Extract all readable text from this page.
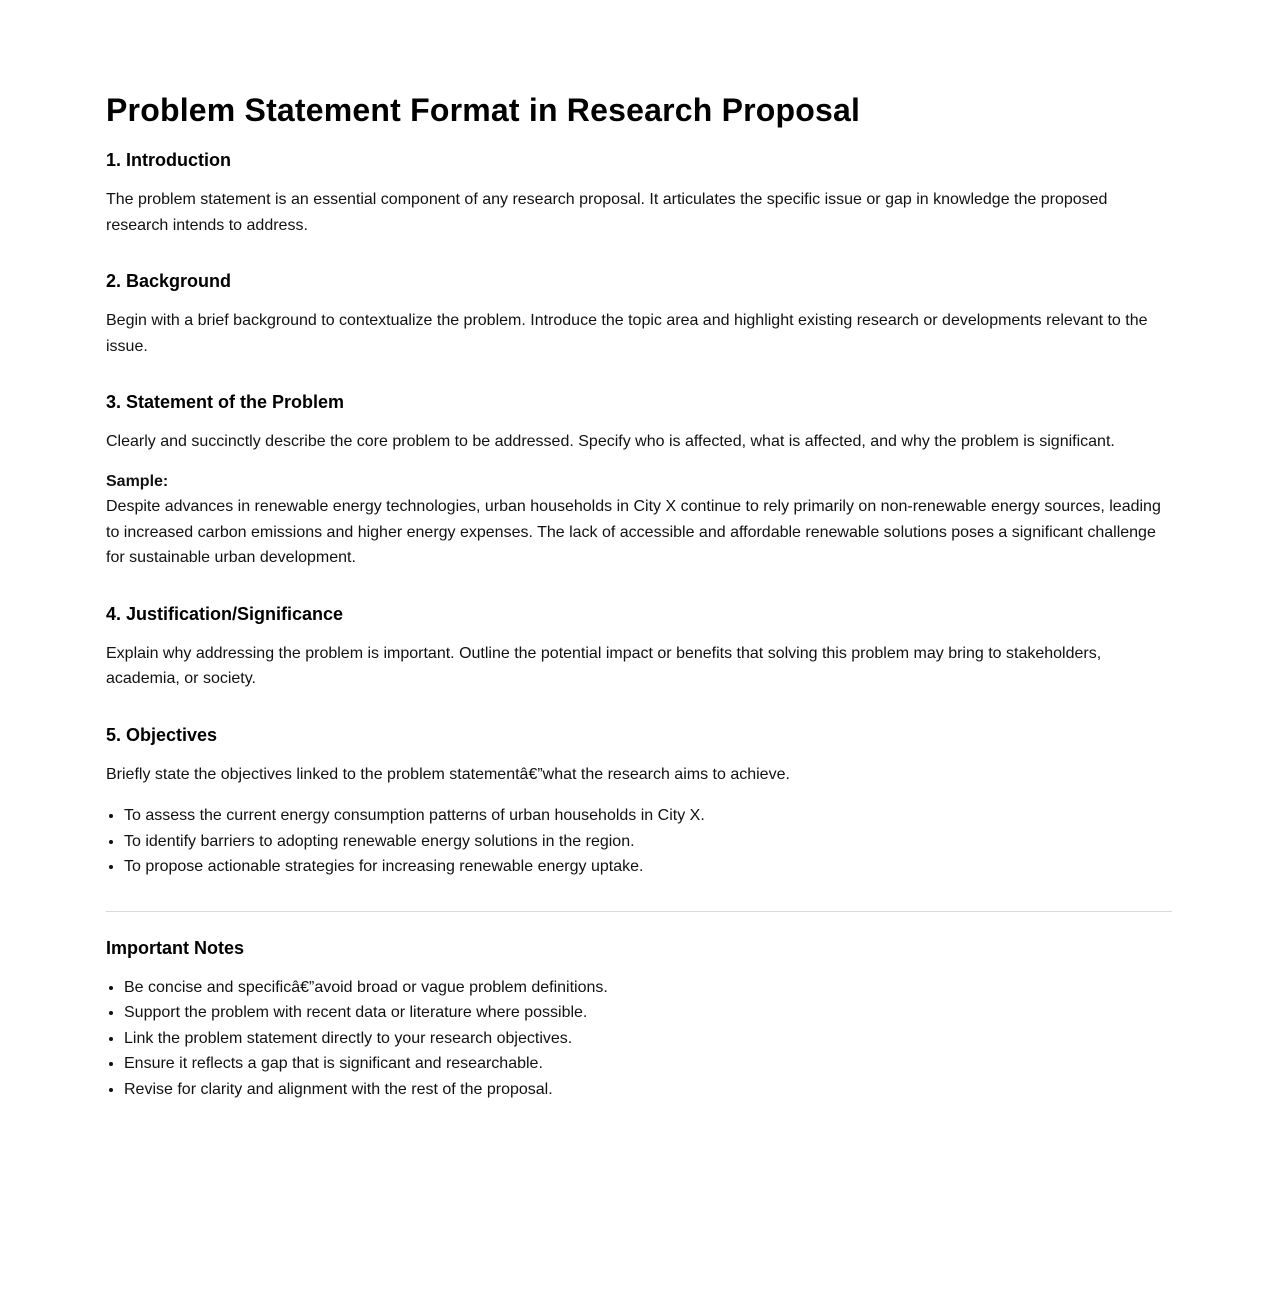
Problem Statement Format in Research Proposal
1. Introduction

The problem statement is an essential component of any research proposal. It articulates the specific issue or gap in knowledge the proposed research intends to address.

2. Background

Begin with a brief background to contextualize the problem. Introduce the topic area and highlight existing research or developments relevant to the issue.

3. Statement of the Problem

Clearly and succinctly describe the core problem to be addressed. Specify who is affected, what is affected, and why the problem is significant.

Sample:

Despite advances in renewable energy technologies, urban households in City X continue to rely primarily on non-renewable energy sources, leading to increased carbon emissions and higher energy expenses. The lack of accessible and affordable renewable solutions poses a significant challenge for sustainable urban development.

4. Justification/Significance

Explain why addressing the problem is important. Outline the potential impact or benefits that solving this problem may bring to stakeholders, academia, or society.

5. Objectives

Briefly state the objectives linked to the problem statementâ€”what the research aims to achieve.

• To assess the current energy consumption patterns of urban households in City X.
• To identify barriers to adopting renewable energy solutions in the region.
• To propose actionable strategies for increasing renewable energy uptake.
Important Notes
• Be concise and specificâ€”avoid broad or vague problem definitions.
• Support the problem with recent data or literature where possible.
• Link the problem statement directly to your research objectives.
• Ensure it reflects a gap that is significant and researchable.
• Revise for clarity and alignment with the rest of the proposal.
